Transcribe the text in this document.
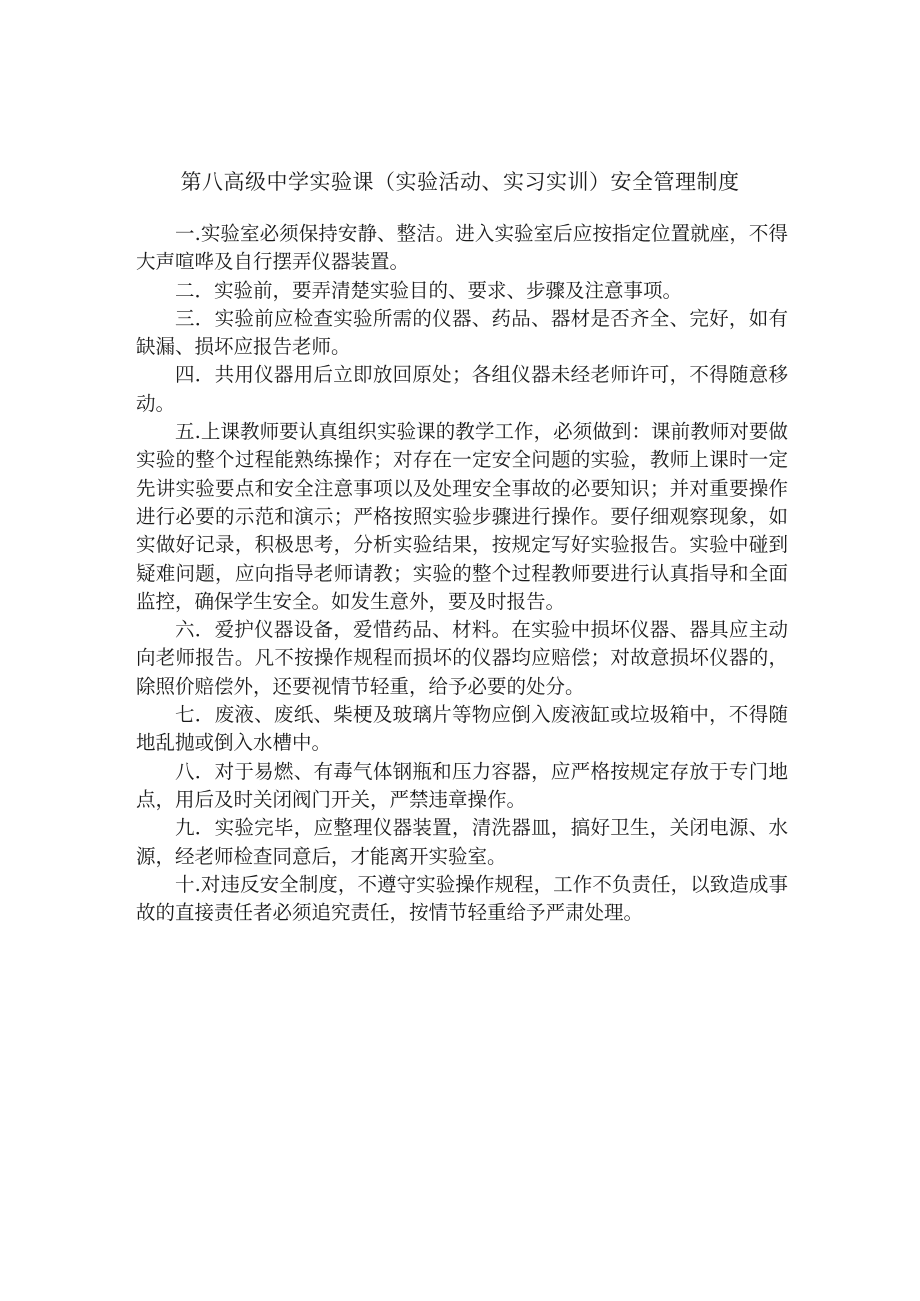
第八高级中学实验课（实验活动、实习实训）安全管理制度

一.实验室必须保持安静、整洁。进入实验室后应按指定位置就座，不得大声喧哗及自行摆弄仪器装置。

二．实验前，要弄清楚实验目的、要求、步骤及注意事项。

三．实验前应检查实验所需的仪器、药品、器材是否齐全、完好，如有缺漏、损坏应报告老师。

四．共用仪器用后立即放回原处；各组仪器未经老师许可，不得随意移动。

五.上课教师要认真组织实验课的教学工作，必须做到：课前教师对要做实验的整个过程能熟练操作；对存在一定安全问题的实验，教师上课时一定先讲实验要点和安全注意事项以及处理安全事故的必要知识；并对重要操作进行必要的示范和演示；严格按照实验步骤进行操作。要仔细观察现象，如实做好记录，积极思考，分析实验结果，按规定写好实验报告。实验中碰到疑难问题，应向指导老师请教；实验的整个过程教师要进行认真指导和全面监控，确保学生安全。如发生意外，要及时报告。

六．爱护仪器设备，爱惜药品、材料。在实验中损坏仪器、器具应主动向老师报告。凡不按操作规程而损坏的仪器均应赔偿；对故意损坏仪器的，除照价赔偿外，还要视情节轻重，给予必要的处分。

七．废液、废纸、柴梗及玻璃片等物应倒入废液缸或垃圾箱中，不得随地乱抛或倒入水槽中。

八．对于易燃、有毒气体钢瓶和压力容器，应严格按规定存放于专门地点，用后及时关闭阀门开关，严禁违章操作。

九．实验完毕，应整理仪器装置，清洗器皿，搞好卫生，关闭电源、水源，经老师检查同意后，才能离开实验室。

十.对违反安全制度，不遵守实验操作规程，工作不负责任，以致造成事故的直接责任者必须追究责任，按情节轻重给予严肃处理。
